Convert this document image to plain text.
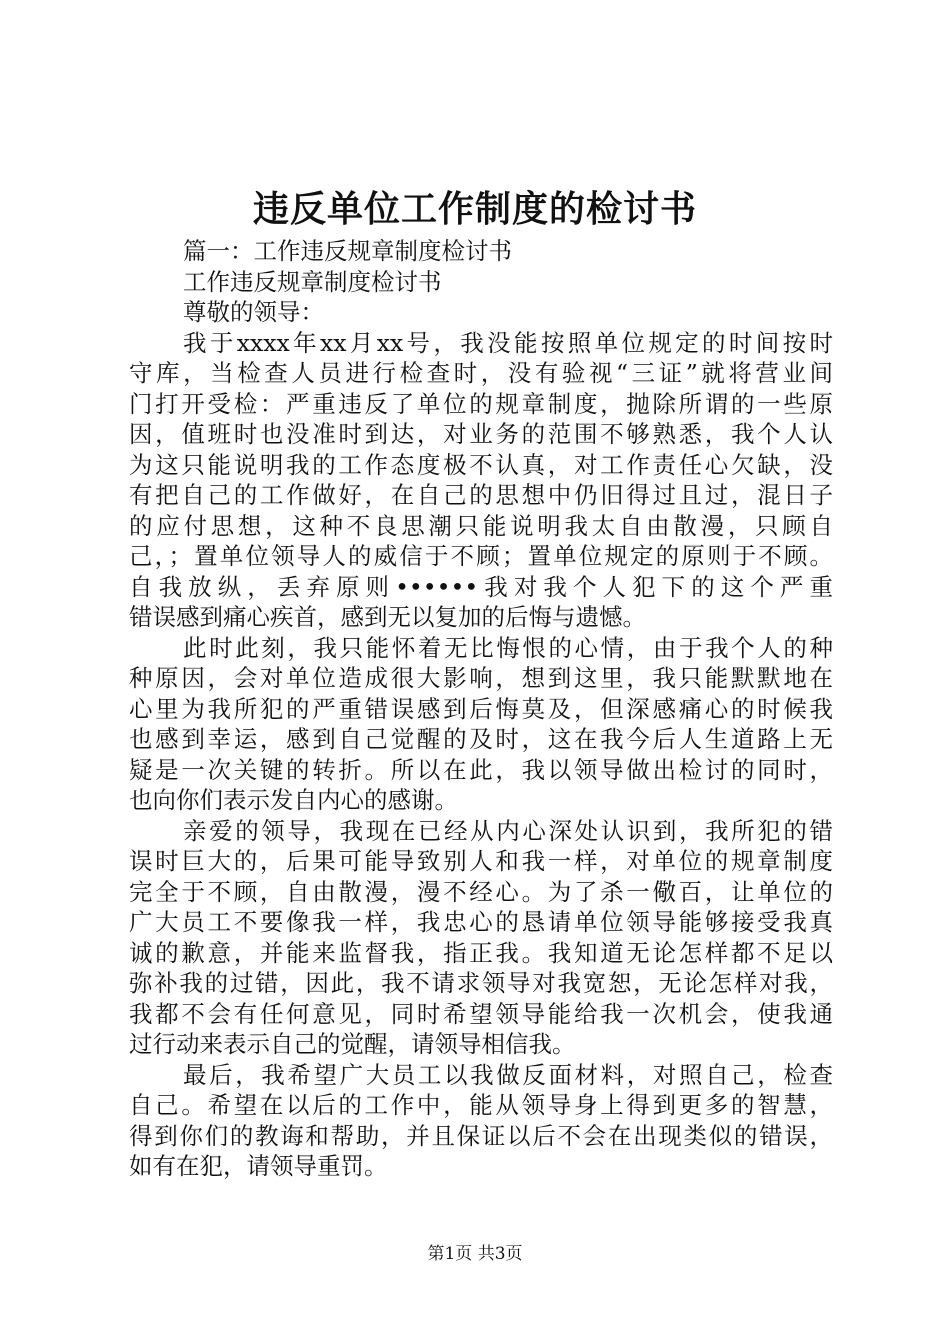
违反单位工作制度的检讨书
篇一：工作违反规章制度检讨书
工作违反规章制度检讨书
尊敬的领导：
我于xxxx年xx月xx号，我没能按照单位规定的时间按时
守库，当检查人员进行检查时，没有验视“三证”就将营业间
门打开受检：严重违反了单位的规章制度，抛除所谓的一些原
因，值班时也没准时到达，对业务的范围不够熟悉，我个人认
为这只能说明我的工作态度极不认真，对工作责任心欠缺，没
有把自己的工作做好，在自己的思想中仍旧得过且过，混日子
的应付思想，这种不良思潮只能说明我太自由散漫，只顾自
己，；置单位领导人的威信于不顾；置单位规定的原则于不顾。
自我放纵，丢弃原则••••••我对我个人犯下的这个严重
错误感到痛心疾首，感到无以复加的后悔与遗憾。
此时此刻，我只能怀着无比悔恨的心情，由于我个人的种
种原因，会对单位造成很大影响，想到这里，我只能默默地在
心里为我所犯的严重错误感到后悔莫及，但深感痛心的时候我
也感到幸运，感到自己觉醒的及时，这在我今后人生道路上无
疑是一次关键的转折。所以在此，我以领导做出检讨的同时，
也向你们表示发自内心的感谢。
亲爱的领导，我现在已经从内心深处认识到，我所犯的错
误时巨大的，后果可能导致别人和我一样，对单位的规章制度
完全于不顾，自由散漫，漫不经心。为了杀一儆百，让单位的
广大员工不要像我一样，我忠心的恳请单位领导能够接受我真
诚的歉意，并能来监督我，指正我。我知道无论怎样都不足以
弥补我的过错，因此，我不请求领导对我宽恕，无论怎样对我，
我都不会有任何意见，同时希望领导能给我一次机会，使我通
过行动来表示自己的觉醒，请领导相信我。
最后，我希望广大员工以我做反面材料，对照自己，检查
自己。希望在以后的工作中，能从领导身上得到更多的智慧，
得到你们的教诲和帮助，并且保证以后不会在出现类似的错误，
如有在犯，请领导重罚。
第1页 共3页
